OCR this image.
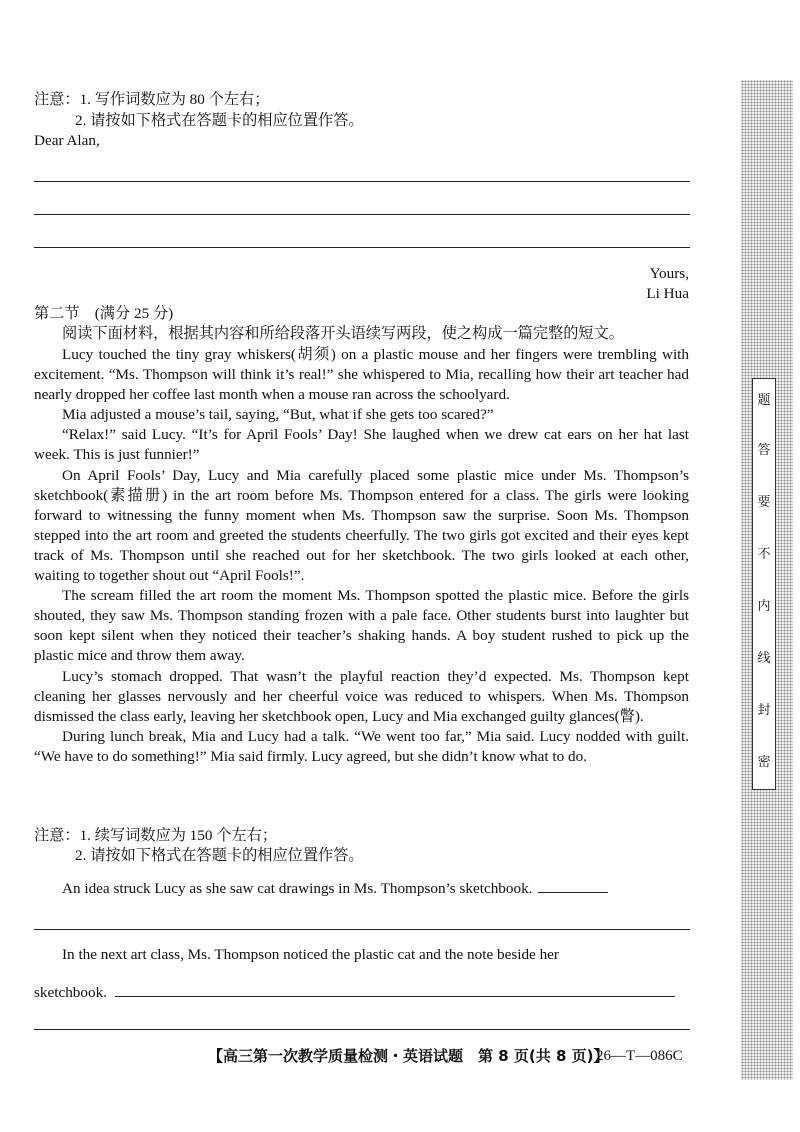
注意：1. 写作词数应为 80 个左右；
2. 请按如下格式在答题卡的相应位置作答。
Dear Alan,
Yours,
Li Hua
第二节　(满分 25 分)
阅读下面材料，根据其内容和所给段落开头语续写两段，使之构成一篇完整的短文。

Lucy touched the tiny gray whiskers(胡须) on a plastic mouse and her fingers were trembling with excitement. “Ms. Thompson will think it’s real!” she whispered to Mia, recalling how their art teacher had nearly dropped her coffee last month when a mouse ran across the schoolyard.

Mia adjusted a mouse’s tail, saying, “But, what if she gets too scared?”

“Relax!” said Lucy. “It’s for April Fools’ Day! She laughed when we drew cat ears on her hat last week. This is just funnier!”

On April Fools’ Day, Lucy and Mia carefully placed some plastic mice under Ms. Thompson’s sketchbook(素描册) in the art room before Ms. Thompson entered for a class. The girls were looking forward to witnessing the funny moment when Ms. Thompson saw the surprise. Soon Ms. Thompson stepped into the art room and greeted the students cheerfully. The two girls got excited and their eyes kept track of Ms. Thompson until she reached out for her sketchbook. The two girls looked at each other, waiting to together shout out “April Fools!”.

The scream filled the art room the moment Ms. Thompson spotted the plastic mice. Before the girls shouted, they saw Ms. Thompson standing frozen with a pale face. Other students burst into laughter but soon kept silent when they noticed their teacher’s shaking hands. A boy student rushed to pick up the plastic mice and throw them away.

Lucy’s stomach dropped. That wasn’t the playful reaction they’d expected. Ms. Thompson kept cleaning her glasses nervously and her cheerful voice was reduced to whispers. When Ms. Thompson dismissed the class early, leaving her sketchbook open, Lucy and Mia exchanged guilty glances(瞥).

During lunch break, Mia and Lucy had a talk. “We went too far,” Mia said. Lucy nodded with guilt. “We have to do something!” Mia said firmly. Lucy agreed, but she didn’t know what to do.

注意：1. 续写词数应为 150 个左右；
2. 请按如下格式在答题卡的相应位置作答。
An idea struck Lucy as she saw cat drawings in Ms. Thompson’s sketchbook.
In the next art class, Ms. Thompson noticed the plastic cat and the note beside her
sketchbook.
【高三第一次教学质量检测・英语试题　第 8 页(共 8 页)】
26—T—086C
密
封
线
内
不
要
答
题
